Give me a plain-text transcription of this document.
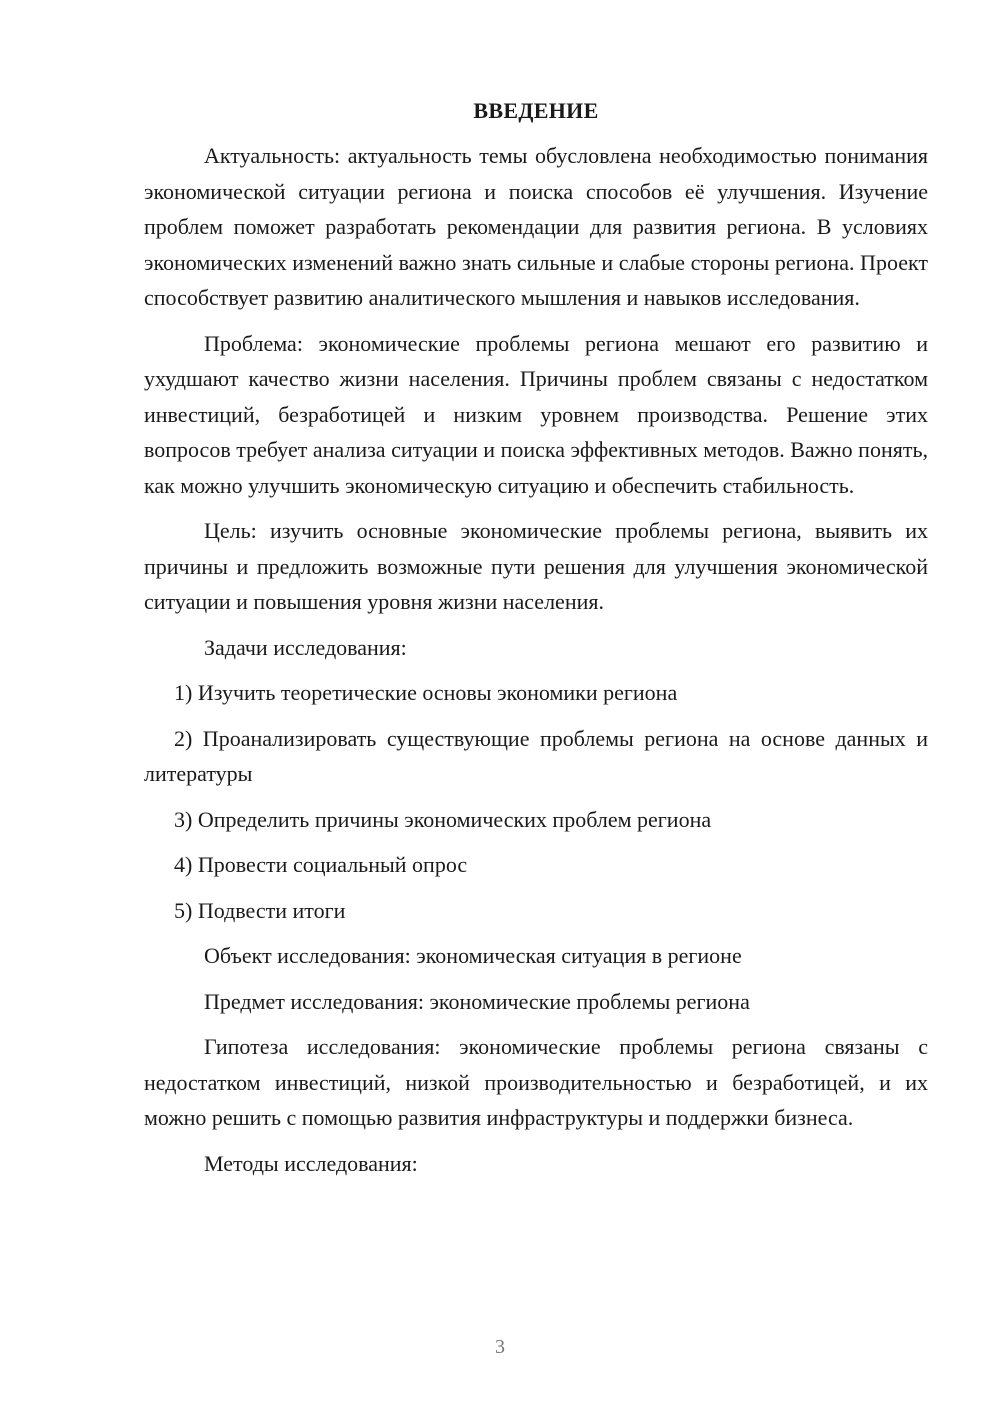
ВВЕДЕНИЕ

Актуальность: актуальность темы обусловлена необходимостью понимания экономической ситуации региона и поиска способов её улучшения. Изучение проблем поможет разработать рекомендации для развития региона. В условиях экономических изменений важно знать сильные и слабые стороны региона. Проект способствует развитию аналитического мышления и навыков исследования.

Проблема: экономические проблемы региона мешают его развитию и ухудшают качество жизни населения. Причины проблем связаны с недостатком инвестиций, безработицей и низким уровнем производства. Решение этих вопросов требует анализа ситуации и поиска эффективных методов. Важно понять, как можно улучшить экономическую ситуацию и обеспечить стабильность.

Цель: изучить основные экономические проблемы региона, выявить их причины и предложить возможные пути решения для улучшения экономической ситуации и повышения уровня жизни населения.

Задачи исследования:

1) Изучить теоретические основы экономики региона

2) Проанализировать существующие проблемы региона на основе данных и литературы

3) Определить причины экономических проблем региона

4) Провести социальный опрос

5) Подвести итоги

Объект исследования: экономическая ситуация в регионе

Предмет исследования: экономические проблемы региона

Гипотеза исследования: экономические проблемы региона связаны с недостатком инвестиций, низкой производительностью и безработицей, и их можно решить с помощью развития инфраструктуры и поддержки бизнеса.

Методы исследования:

3
